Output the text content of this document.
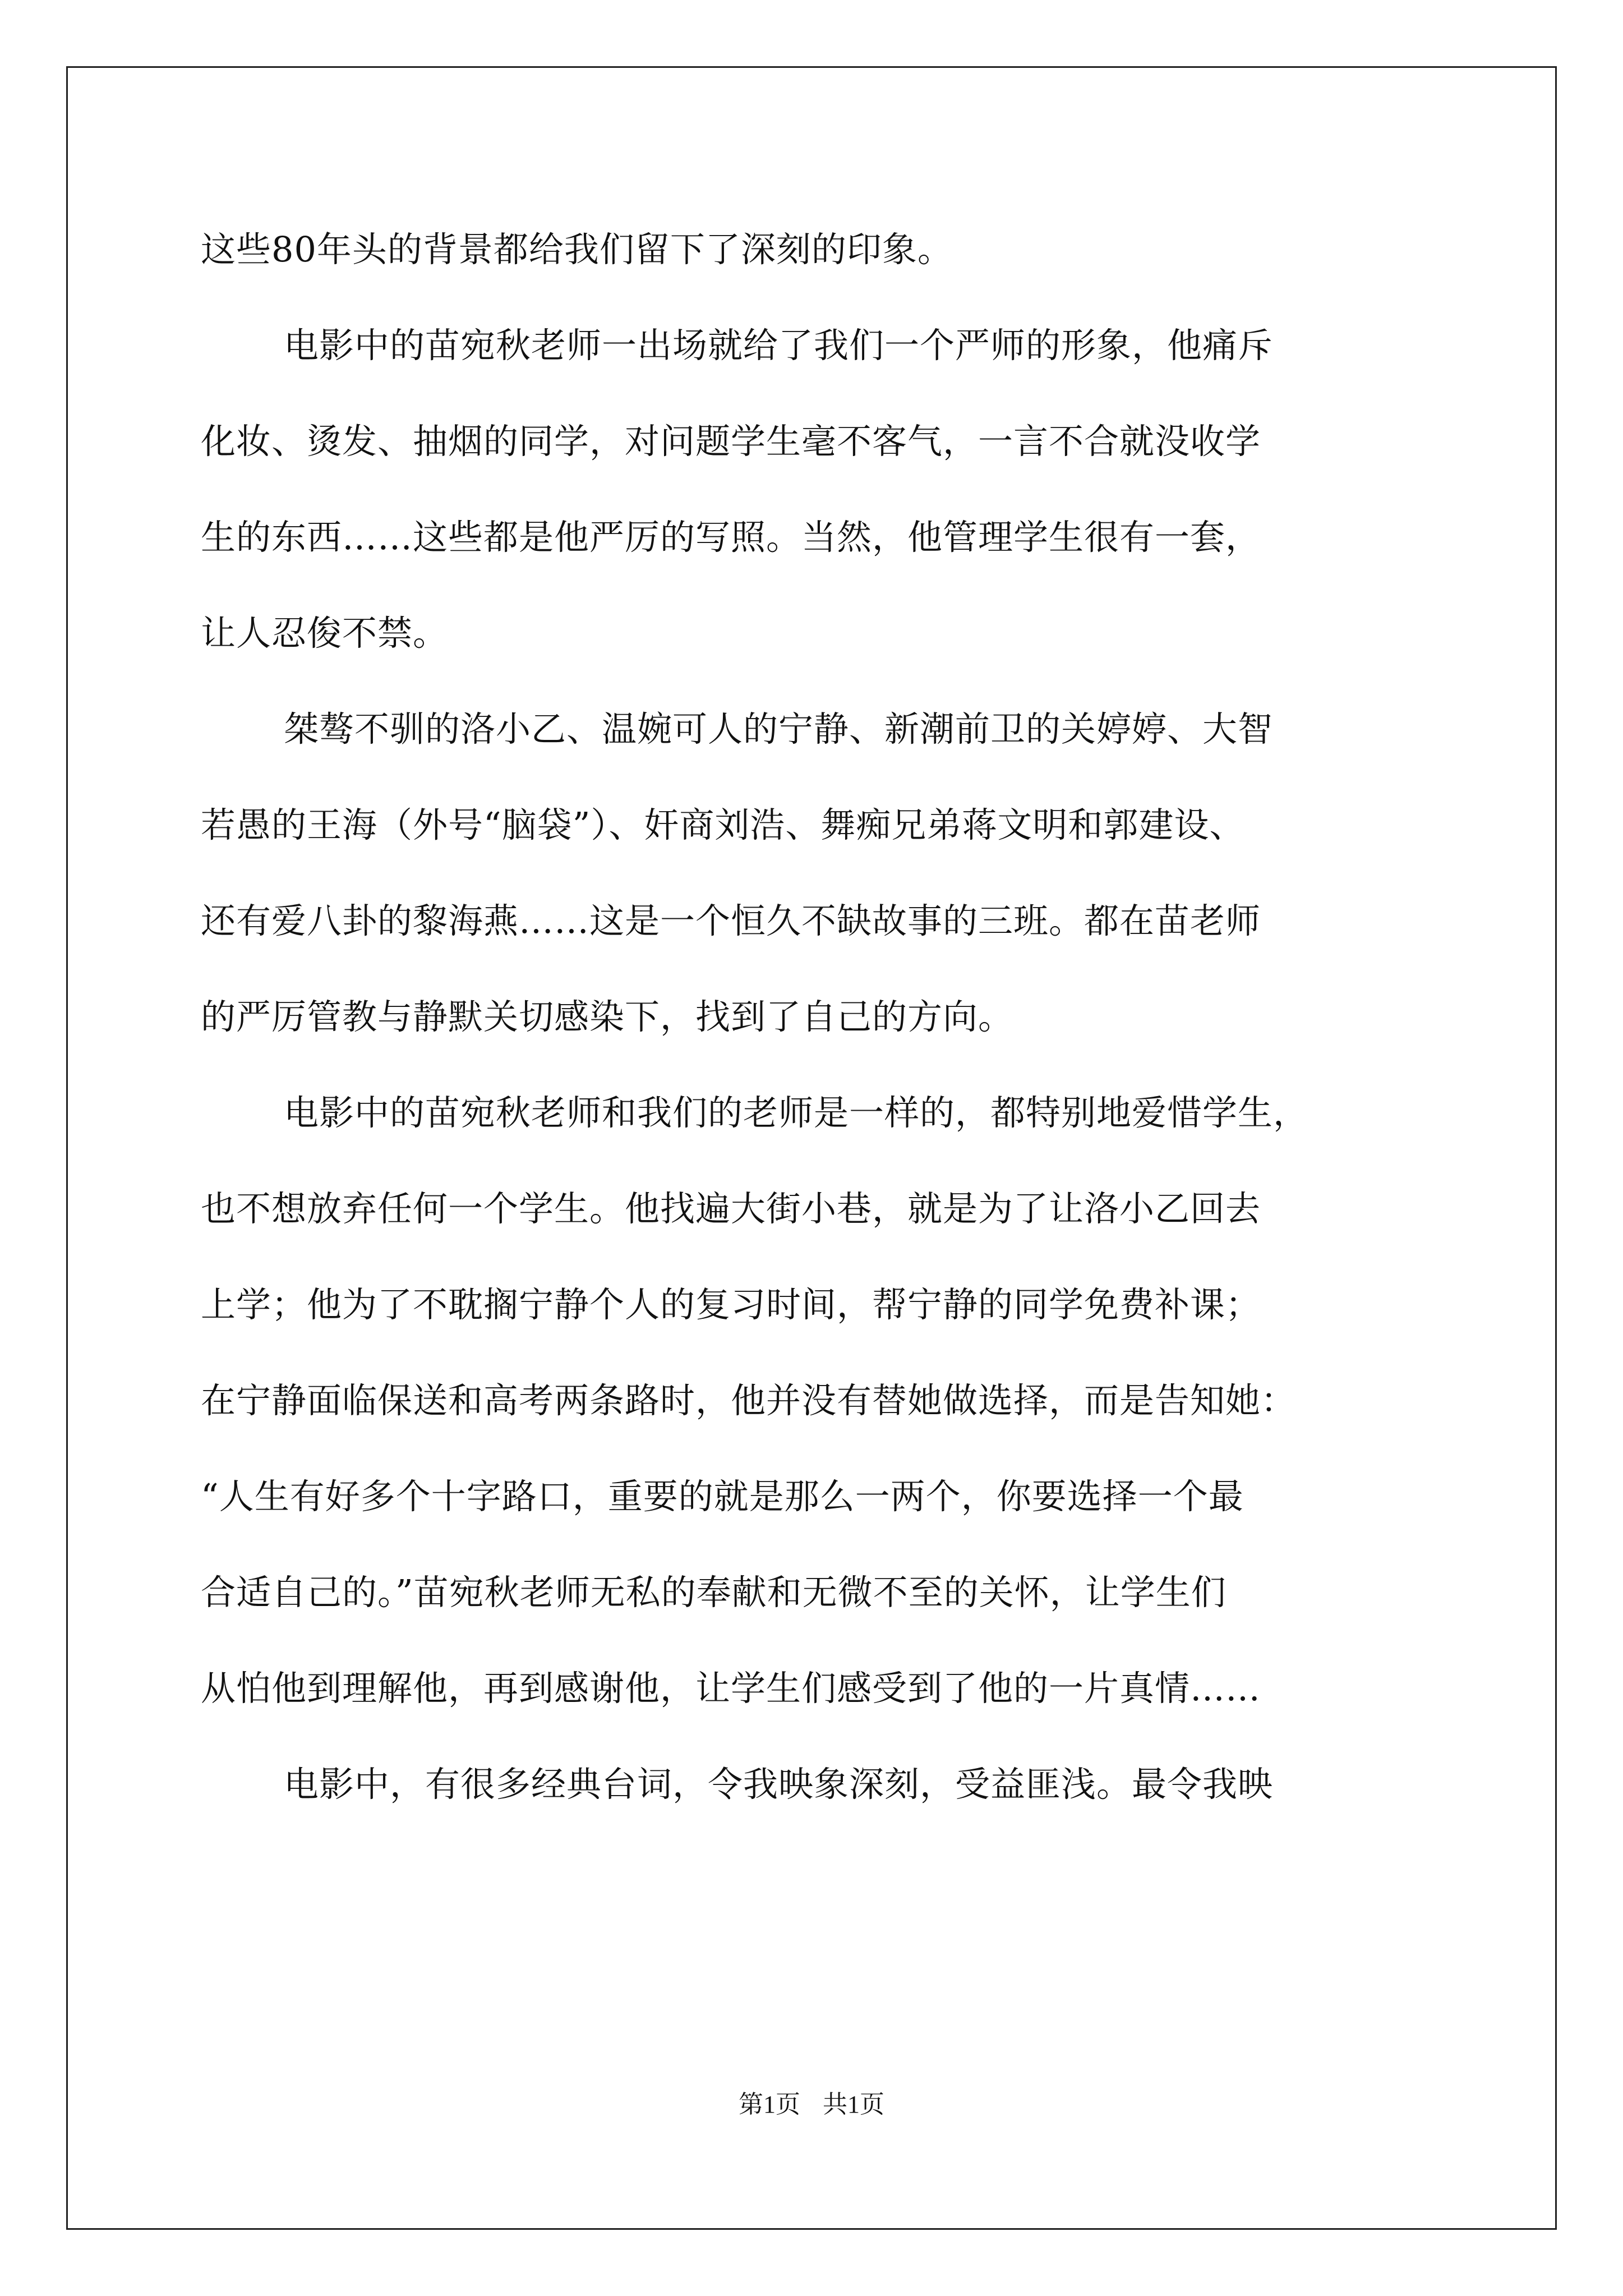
这些80年头的背景都给我们留下了深刻的印象。
电影中的苗宛秋老师一出场就给了我们一个严师的形象，他痛斥
化妆、烫发、抽烟的同学，对问题学生毫不客气，一言不合就没收学
生的东西……这些都是他严厉的写照。当然，他管理学生很有一套，
让人忍俊不禁。
桀骜不驯的洛小乙、温婉可人的宁静、新潮前卫的关婷婷、大智
若愚的王海（外号“脑袋”）、奸商刘浩、舞痴兄弟蒋文明和郭建设、
还有爱八卦的黎海燕……这是一个恒久不缺故事的三班。都在苗老师
的严厉管教与静默关切感染下，找到了自己的方向。
电影中的苗宛秋老师和我们的老师是一样的，都特别地爱惜学生，
也不想放弃任何一个学生。他找遍大街小巷，就是为了让洛小乙回去
上学；他为了不耽搁宁静个人的复习时间，帮宁静的同学免费补课；
在宁静面临保送和高考两条路时，他并没有替她做选择，而是告知她：
“人生有好多个十字路口，重要的就是那么一两个，你要选择一个最
合适自己的。”苗宛秋老师无私的奉献和无微不至的关怀，让学生们
从怕他到理解他，再到感谢他，让学生们感受到了他的一片真情……
电影中，有很多经典台词，令我映象深刻，受益匪浅。最令我映
第1页 共1页
